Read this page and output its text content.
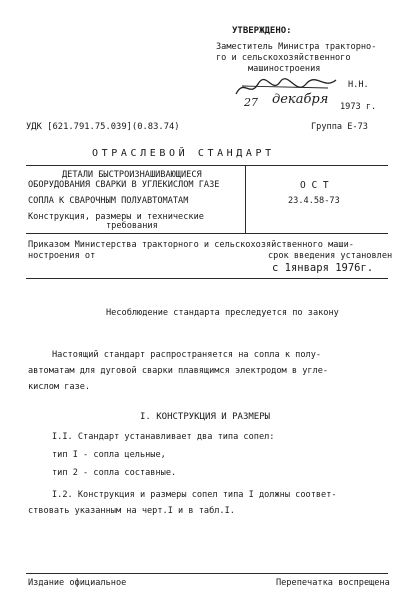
УТВЕРЖДЕНО:
Заместитель Министра тракторно-
го и сельскохозяйственного
машиностроения
Н.Н.
27 декабря 1973 г.
УДК [621.791.75.039](0.83.74)	Группа Е-73
ОТРАСЛЕВОЙ СТАНДАРТ
ДЕТАЛИ БЫСТРОИЗНАШИВАЮЩИЕСЯ
ОБОРУДОВАНИЯ СВАРКИ В УГЛЕКИСЛОМ ГАЗЕ
СОПЛА К СВАРОЧНЫМ ПОЛУАВТОМАТАМ
Конструкция, размеры и технические
требования
О С Т
23.4.58-73
Приказом Министерства тракторного и сельскохозяйственного маши-
ностроения от	срок введения установлен
с 1января 1976г.
Несоблюдение стандарта преследуется по закону
Настоящий стандарт распространяется на сопла к полу-
автоматам для дуговой сварки плавящимся электродом в угле-
кислом газе.
I. КОНСТРУКЦИЯ И РАЗМЕРЫ
I.I. Стандарт устанавливает два типа сопел:
тип I - сопла цельные,
тип 2 - сопла составные.
I.2. Конструкция и размеры сопел типа I должны соответ-
ствовать указанным на черт.I и в табл.I.
Издание официальное	Перепечатка воспрещена
